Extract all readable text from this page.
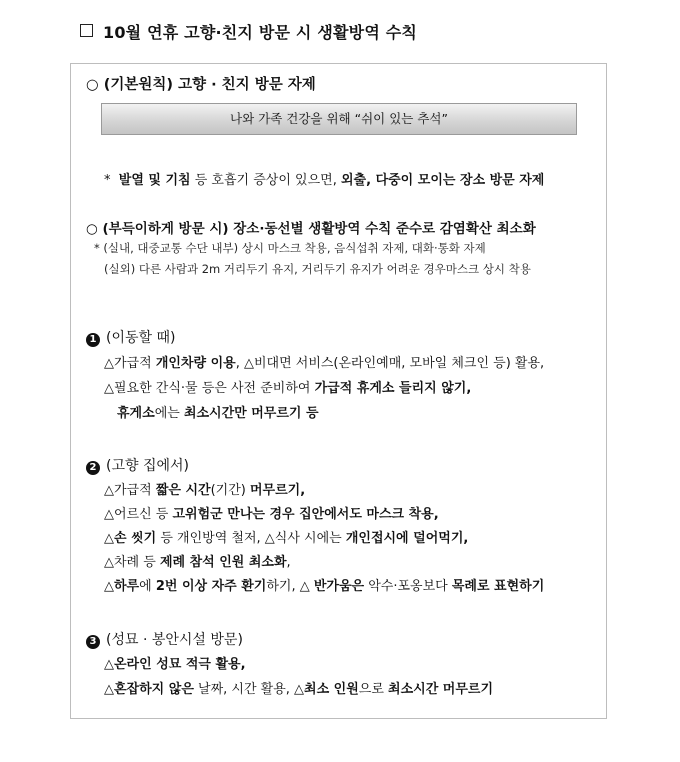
10월 연휴 고향·친지 방문 시 생활방역 수칙
○ (기본원칙) 고향 · 친지 방문 자제
나와 가족 건강을 위해 “쉬이 있는 추석”
* 발열 및 기침 등 호흡기 증상이 있으면, 외출, 다중이 모이는 장소 방문 자제
○ (부득이하게 방문 시) 장소·동선별 생활방역 수칙 준수로 감염확산 최소화
* (실내, 대중교통 수단 내부) 상시 마스크 착용, 음식섭취 자제, 대화·통화 자제
(실외) 다른 사람과 2m 거리두기 유지, 거리두기 유지가 어려운 경우마스크 상시 착용
1 (이동할 때)
△가급적 개인차량 이용, △비대면 서비스(온라인예매, 모바일 체크인 등) 활용,
△필요한 간식·물 등은 사전 준비하여 가급적 휴게소 들리지 않기,
휴게소에는 최소시간만 머무르기 등
2 (고향 집에서)
△가급적 짧은 시간(기간) 머무르기,
△어르신 등 고위험군 만나는 경우 집안에서도 마스크 착용,
△손 씻기 등 개인방역 철저, △식사 시에는 개인접시에 덜어먹기,
△차례 등 제례 참석 인원 최소화,
△하루에 2번 이상 자주 환기하기, △ 반가움은 악수·포옹보다 목례로 표현하기
3 (성묘 · 봉안시설 방문)
△온라인 성묘 적극 활용,
△혼잡하지 않은 날짜, 시간 활용, △최소 인원으로 최소시간 머무르기
